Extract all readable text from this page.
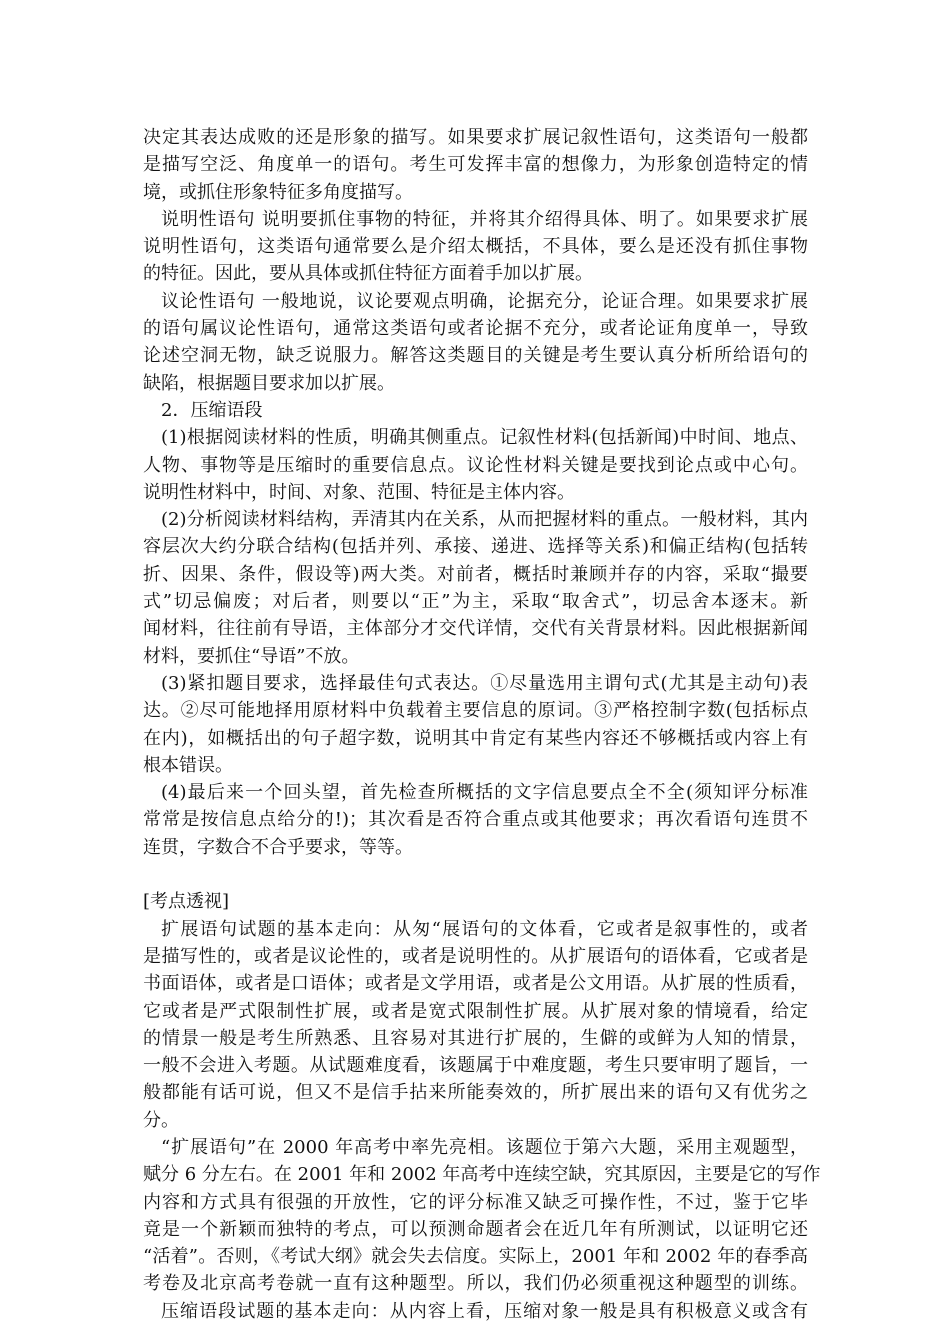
决定其表达成败的还是形象的描写。如果要求扩展记叙性语句，这类语句一般都
是描写空泛、角度单一的语句。考生可发挥丰富的想像力，为形象创造特定的情
境，或抓住形象特征多角度描写。
说明性语句 说明要抓住事物的特征，并将其介绍得具体、明了。如果要求扩展
说明性语句，这类语句通常要么是介绍太概括，不具体，要么是还没有抓住事物
的特征。因此，要从具体或抓住特征方面着手加以扩展。
议论性语句 一般地说，议论要观点明确，论据充分，论证合理。如果要求扩展
的语句属议论性语句，通常这类语句或者论据不充分，或者论证角度单一，导致
论述空洞无物，缺乏说服力。解答这类题目的关键是考生要认真分析所给语句的
缺陷，根据题目要求加以扩展。
2．压缩语段
(1)根据阅读材料的性质，明确其侧重点。记叙性材料(包括新闻)中时间、地点、
人物、事物等是压缩时的重要信息点。议论性材料关键是要找到论点或中心句。
说明性材料中，时间、对象、范围、特征是主体内容。
(2)分析阅读材料结构，弄清其内在关系，从而把握材料的重点。一般材料，其内
容层次大约分联合结构(包括并列、承接、递进、选择等关系)和偏正结构(包括转
折、因果、条件，假设等)两大类。对前者，概括时兼顾并存的内容，采取“撮要
式”切忌偏废；对后者，则要以“正”为主，采取“取舍式”，切忌舍本逐末。新
闻材料，往往前有导语，主体部分才交代详情，交代有关背景材料。因此根据新闻
材料，要抓住“导语”不放。
(3)紧扣题目要求，选择最佳句式表达。①尽量选用主谓句式(尤其是主动句)表
达。②尽可能地择用原材料中负载着主要信息的原词。③严格控制字数(包括标点
在内)，如概括出的句子超字数，说明其中肯定有某些内容还不够概括或内容上有
根本错误。
(4)最后来一个回头望，首先检查所概括的文字信息要点全不全(须知评分标准
常常是按信息点给分的!)；其次看是否符合重点或其他要求；再次看语句连贯不
连贯，字数合不合乎要求，等等。
[考点透视]
扩展语句试题的基本走向：从匆“展语句的文体看，它或者是叙事性的，或者
是描写性的，或者是议论性的，或者是说明性的。从扩展语句的语体看，它或者是
书面语体，或者是口语体；或者是文学用语，或者是公文用语。从扩展的性质看，
它或者是严式限制性扩展，或者是宽式限制性扩展。从扩展对象的情境看，给定
的情景一般是考生所熟悉、且容易对其进行扩展的，生僻的或鲜为人知的情景，
一般不会进入考题。从试题难度看，该题属于中难度题，考生只要审明了题旨，一
般都能有话可说，但又不是信手拈来所能奏效的，所扩展出来的语句又有优劣之
分。
“扩展语句”在 2000 年高考中率先亮相。该题位于第六大题，采用主观题型，
赋分 6 分左右。在 2001 年和 2002 年高考中连续空缺，究其原因，主要是它的写作
内容和方式具有很强的开放性，它的评分标准又缺乏可操作性，不过，鉴于它毕
竟是一个新颖而独特的考点，可以预测命题者会在近几年有所测试，以证明它还
“活着”。否则，《考试大纲》就会失去信度。实际上，2001 年和 2002 年的春季高
考卷及北京高考卷就一直有这种题型。所以，我们仍必须重视这种题型的训练。
压缩语段试题的基本走向：从内容上看，压缩对象一般是具有积极意义或含有
